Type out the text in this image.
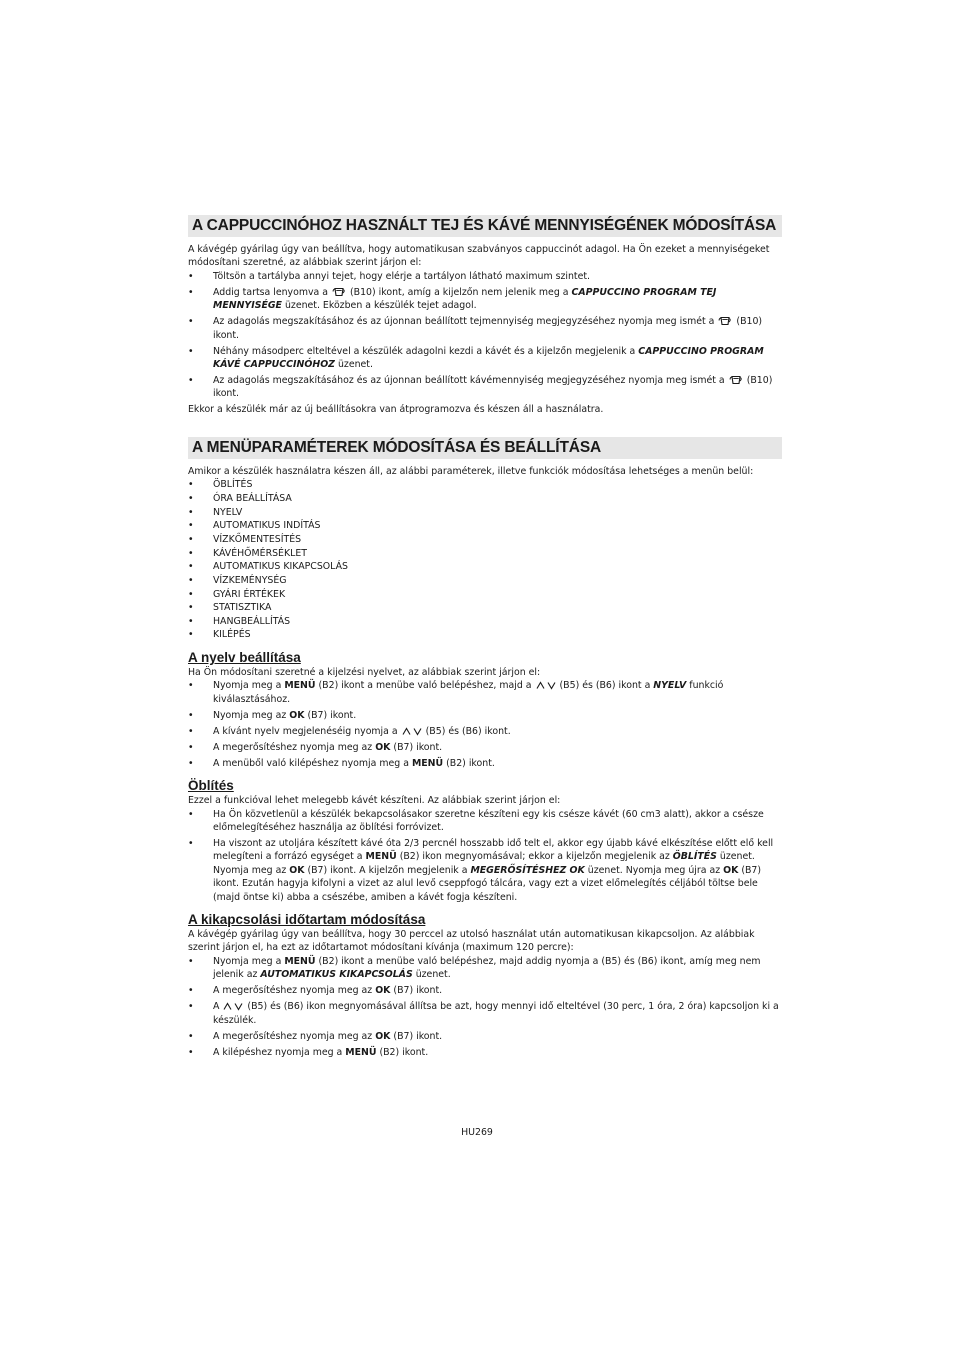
A CAPPUCCINÓHOZ HASZNÁLT TEJ ÉS KÁVÉ MENNYISÉGÉNEK MÓDOSÍTÁSA

A kávégép gyárilag úgy van beállítva, hogy automatikusan szabványos cappuccinót adagol. Ha Ön ezeket a mennyiségeket módosítani szeretné, az alábbiak szerint járjon el:

• Töltsön a tartályba annyi tejet, hogy elérje a tartályon látható maximum szintet.
• Addig tartsa lenyomva a (B10) ikont, amíg a kijelzőn nem jelenik meg a CAPPUCCINO PROGRAM TEJ MENNYISÉGE üzenet. Eközben a készülék tejet adagol.
• Az adagolás megszakításához és az újonnan beállított tejmennyiség megjegyzéséhez nyomja meg ismét a (B10) ikont.
• Néhány másodperc elteltével a készülék adagolni kezdi a kávét és a kijelzőn megjelenik a CAPPUCCINO PROGRAM KÁVÉ CAPPUCCINÓHOZ üzenet.
• Az adagolás megszakításához és az újonnan beállított kávémennyiség megjegyzéséhez nyomja meg ismét a (B10) ikont.

Ekkor a készülék már az új beállításokra van átprogramozva és készen áll a használatra.

A MENÜPARAMÉTEREK MÓDOSÍTÁSA ÉS BEÁLLÍTÁSA

Amikor a készülék használatra készen áll, az alábbi paraméterek, illetve funkciók módosítása lehetséges a menün belül:

• ÖBLÍTÉS
• ÓRA BEÁLLÍTÁSA
• NYELV
• AUTOMATIKUS INDÍTÁS
• VÍZKŐMENTESÍTÉS
• KÁVÉHŐMÉRSÉKLET
• AUTOMATIKUS KIKAPCSOLÁS
• VÍZKEMÉNYSÉG
• GYÁRI ÉRTÉKEK
• STATISZTIKA
• HANGBEÁLLÍTÁS
• KILÉPÉS
A nyelv beállítása

Ha Ön módosítani szeretné a kijelzési nyelvet, az alábbiak szerint járjon el:

• Nyomja meg a MENÜ (B2) ikont a menübe való belépéshez, majd a	(B5) és (B6) ikont a NYELV funkció kiválasztásához.
• Nyomja meg az OK (B7) ikont.
• A kívánt nyelv megjelenéséig nyomja a	(B5) és (B6) ikont.
• A megerősítéshez nyomja meg az OK (B7) ikont.
• A menüből való kilépéshez nyomja meg a MENÜ (B2) ikont.
Öblítés

Ezzel a funkcióval lehet melegebb kávét készíteni. Az alábbiak szerint járjon el:

• Ha Ön közvetlenül a készülék bekapcsolásakor szeretne készíteni egy kis csésze kávét (60 cm3 alatt), akkor a csésze előmelegítéséhez használja az öblítési forróvizet.
• Ha viszont az utoljára készített kávé óta 2/3 percnél hosszabb idő telt el, akkor egy újabb kávé elkészítése előtt elő kell melegíteni a forrázó egységet a MENÜ (B2) ikon megnyomásával; ekkor a kijelzőn megjelenik az ÖBLÍTÉS üzenet. Nyomja meg az OK (B7) ikont. A kijelzőn megjelenik a MEGERŐSÍTÉSHEZ OK üzenet. Nyomja meg újra az OK (B7) ikont. Ezután hagyja kifolyni a vizet az alul levő cseppfogó tálcára, vagy ezt a vizet előmelegítés céljából töltse bele (majd öntse ki) abba a csészébe, amiben a kávét fogja készíteni.
A kikapcsolási időtartam módosítása

A kávégép gyárilag úgy van beállítva, hogy 30 perccel az utolsó használat után automatikusan kikapcsoljon. Az alábbiak szerint járjon el, ha ezt az időtartamot módosítani kívánja (maximum 120 percre):

• Nyomja meg a MENÜ (B2) ikont a menübe való belépéshez, majd addig nyomja a (B5) és (B6) ikont, amíg meg nem jelenik az AUTOMATIKUS KIKAPCSOLÁS üzenet.
• A megerősítéshez nyomja meg az OK (B7) ikont.
• A	(B5) és (B6) ikon megnyomásával állítsa be azt, hogy mennyi idő elteltével (30 perc, 1 óra, 2 óra) kapcsoljon ki a készülék.
• A megerősítéshez nyomja meg az OK (B7) ikont.
• A kilépéshez nyomja meg a MENÜ (B2) ikont.
HU269
